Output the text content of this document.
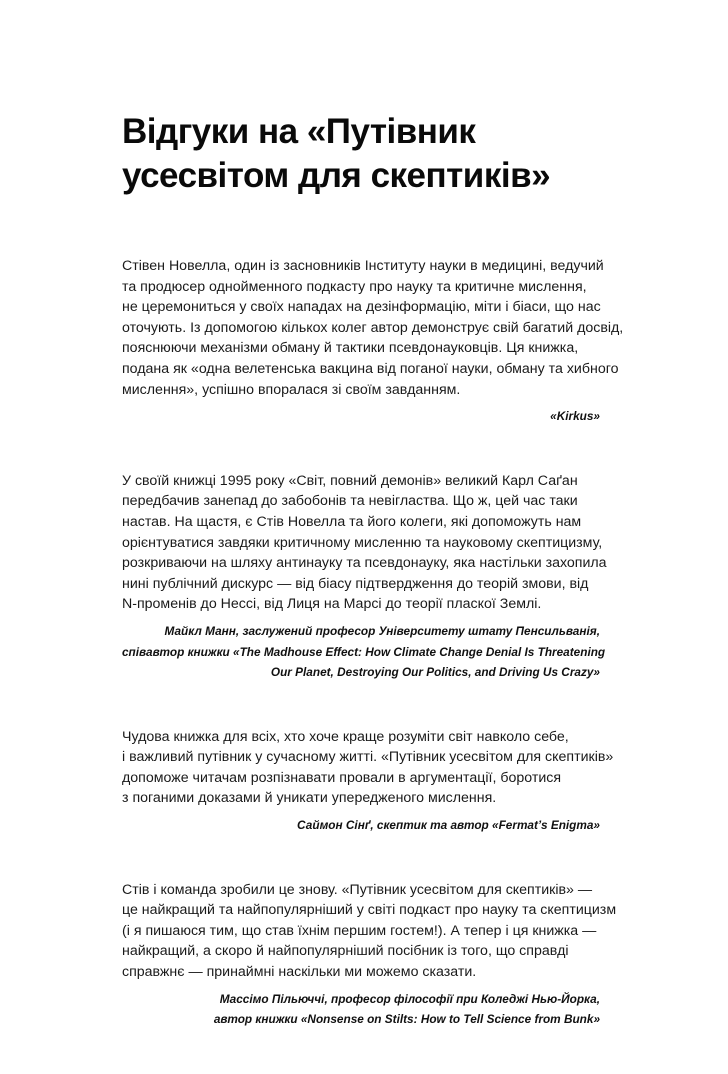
Відгуки на «Путівник
усесвітом для скептиків»
Стівен Новелла, один із засновників Інституту науки в медицині, ведучий
та продюсер однойменного подкасту про науку та критичне мислення,
не церемониться у своїх нападах на дезінформацію, міти і біаси, що нас
оточують. Із допомогою кількох колег автор демонструє свій багатий досвід,
пояснюючи механізми обману й тактики псевдонауковців. Ця книжка,
подана як «одна велетенська вакцина від поганої науки, обману та хибного
мислення», успішно впоралася зі своїм завданням.
«Kirkus»
У своїй книжці 1995 року «Світ, повний демонів» великий Карл Саґан
передбачив занепад до забобонів та невігластва. Що ж, цей час таки
настав. На щастя, є Стів Новелла та його колеги, які допоможуть нам
орієнтуватися завдяки критичному мисленню та науковому скептицизму,
розкриваючи на шляху антинауку та псевдонауку, яка настільки захопила
нині публічний дискурс — від біасу підтвердження до теорій змови, від
N-променів до Нессі, від Лиця на Марсі до теорії пласкої Землі.
Майкл Манн, заслужений професор Університету штату Пенсильванія,
співавтор книжки «The Madhouse Effect: How Climate Change Denial Is Threatening
Our Planet, Destroying Our Politics, and Driving Us Crazy»
Чудова книжка для всіх, хто хоче краще розуміти світ навколо себе,
і важливий путівник у сучасному житті. «Путівник усесвітом для скептиків»
допоможе читачам розпізнавати провали в аргументації, боротися
з поганими доказами й уникати упередженого мислення.
Саймон Сінґ, скептик та автор «Fermat’s Enigma»
Стів і команда зробили це знову. «Путівник усесвітом для скептиків» —
це найкращий та найпопулярніший у світі подкаст про науку та скептицизм
(і я пишаюся тим, що став їхнім першим гостем!). А тепер і ця книжка —
найкращий, а скоро й найпопулярніший посібник із того, що справді
справжнє — принаймні наскільки ми можемо сказати.
Массімо Пільюччі, професор філософії при Коледжі Нью-Йорка,
автор книжки «Nonsense on Stilts: How to Tell Science from Bunk»
